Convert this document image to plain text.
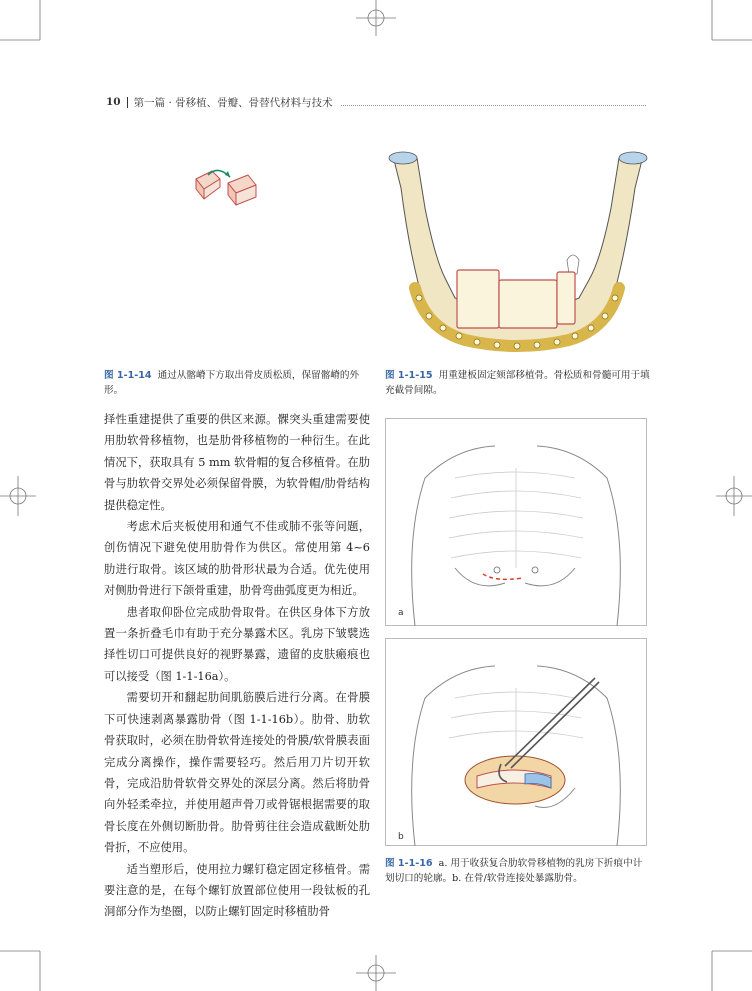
10 第一篇 · 骨移植、骨瓣、骨替代材料与技术
图 1-1-14 通过从髂嵴下方取出骨皮质松质，保留髂嵴的外形。
图 1-1-15 用重建板固定颏部移植骨。骨松质和骨髓可用于填充截骨间隙。

择性重建提供了重要的供区来源。髁突头重建需要使用肋软骨移植物，也是肋骨移植物的一种衍生。在此情况下，获取具有 5 mm 软骨帽的复合移植骨。在肋骨与肋软骨交界处必须保留骨膜，为软骨帽/肋骨结构提供稳定性。

考虑术后夹板使用和通气不佳或肺不张等问题，创伤情况下避免使用肋骨作为供区。常使用第 4~6 肋进行取骨。该区域的肋骨形状最为合适。优先使用对侧肋骨进行下颌骨重建，肋骨弯曲弧度更为相近。

患者取仰卧位完成肋骨取骨。在供区身体下方放置一条折叠毛巾有助于充分暴露术区。乳房下皱襞选择性切口可提供良好的视野暴露，遗留的皮肤瘢痕也可以接受（图 1-1-16a）。

需要切开和翻起肋间肌筋膜后进行分离。在骨膜下可快速剥离暴露肋骨（图 1-1-16b）。肋骨、肋软骨获取时，必须在肋骨软骨连接处的骨膜/软骨膜表面完成分离操作，操作需要轻巧。然后用刀片切开软骨，完成沿肋骨软骨交界处的深层分离。然后将肋骨向外轻柔牵拉，并使用超声骨刀或骨锯根据需要的取骨长度在外侧切断肋骨。肋骨剪往往会造成截断处肋骨折，不应使用。

适当塑形后，使用拉力螺钉稳定固定移植骨。需要注意的是，在每个螺钉放置部位使用一段钛板的孔洞部分作为垫圈，以防止螺钉固定时移植肋骨

a
b
图 1-1-16 a. 用于收获复合肋软骨移植物的乳房下折痕中计划切口的轮廓。b. 在骨/软骨连接处暴露肋骨。
